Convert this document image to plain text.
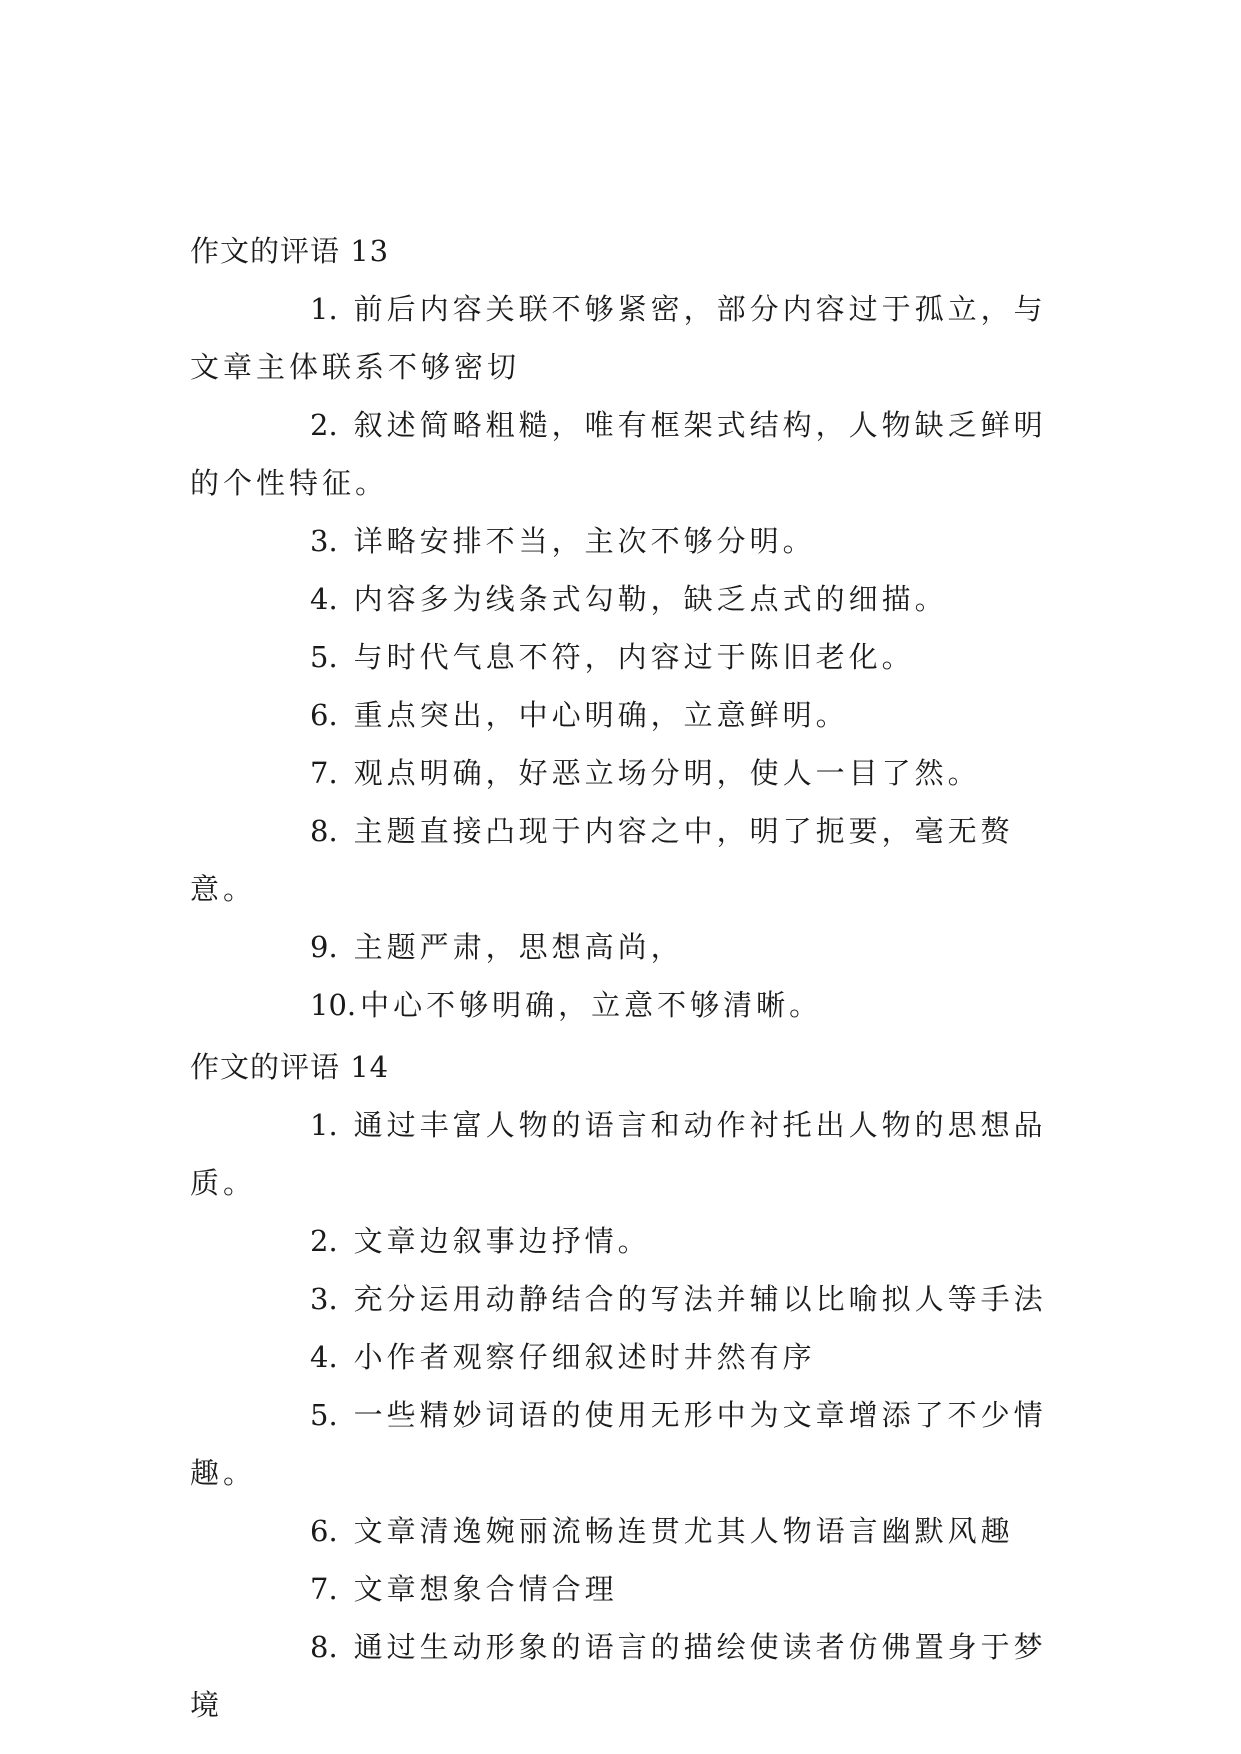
作文的评语 13

1. 前后内容关联不够紧密，部分内容过于孤立，与文章主体联系不够密切

2. 叙述简略粗糙，唯有框架式结构，人物缺乏鲜明的个性特征。

3. 详略安排不当，主次不够分明。

4. 内容多为线条式勾勒，缺乏点式的细描。

5. 与时代气息不符，内容过于陈旧老化。

6. 重点突出，中心明确，立意鲜明。

7. 观点明确，好恶立场分明，使人一目了然。

8. 主题直接凸现于内容之中，明了扼要，毫无赘意。

9. 主题严肃，思想高尚，

10. 中心不够明确，立意不够清晰。

作文的评语 14

1. 通过丰富人物的语言和动作衬托出人物的思想品质。

2. 文章边叙事边抒情。

3. 充分运用动静结合的写法并辅以比喻拟人等手法

4. 小作者观察仔细叙述时井然有序

5. 一些精妙词语的使用无形中为文章增添了不少情趣。

6. 文章清逸婉丽流畅连贯尤其人物语言幽默风趣

7. 文章想象合情合理

8. 通过生动形象的语言的描绘使读者仿佛置身于梦境
